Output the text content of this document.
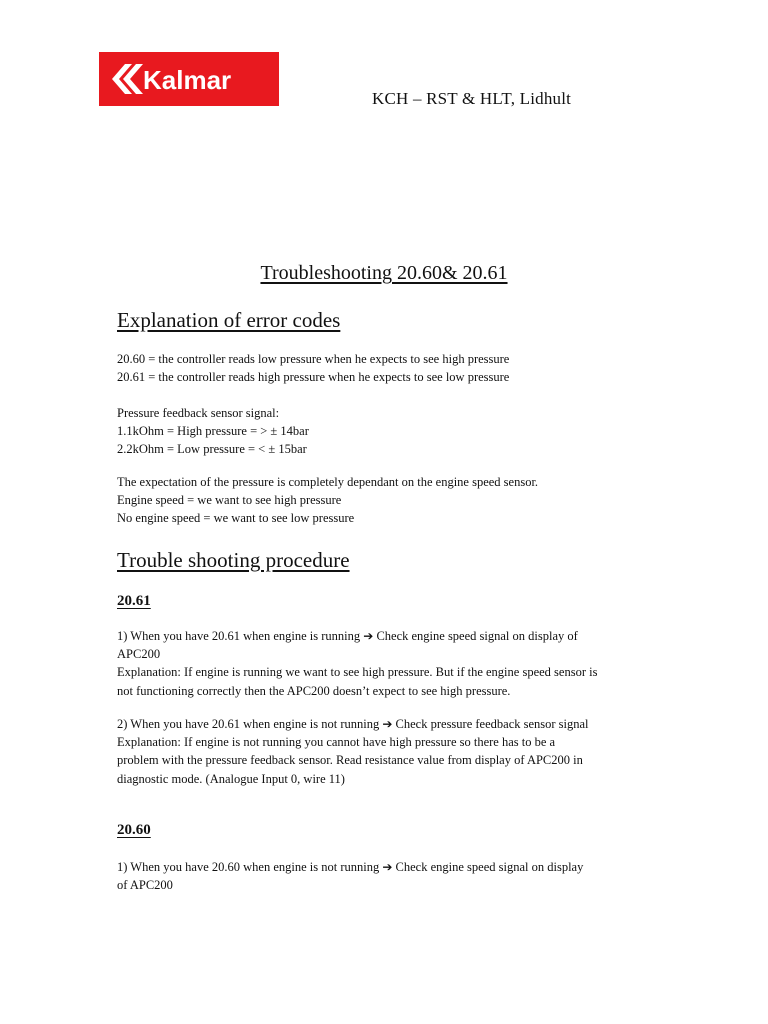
Kalmar
KCH – RST & HLT, Lidhult
Troubleshooting 20.60& 20.61
Explanation of error codes
20.60 = the controller reads low pressure when he expects to see high pressure
20.61 = the controller reads high pressure when he expects to see low pressure
Pressure feedback sensor signal:
1.1kOhm = High pressure = > ± 14bar
2.2kOhm = Low pressure = < ± 15bar
The expectation of the pressure is completely dependant on the engine speed sensor.
Engine speed = we want to see high pressure
No engine speed = we want to see low pressure
Trouble shooting procedure
20.61
1) When you have 20.61 when engine is running ➔ Check engine speed signal on display of
APC200
Explanation: If engine is running we want to see high pressure. But if the engine speed sensor is
not functioning correctly then the APC200 doesn’t expect to see high pressure.
2) When you have 20.61 when engine is not running ➔ Check pressure feedback sensor signal
Explanation: If engine is not running you cannot have high pressure so there has to be a
problem with the pressure feedback sensor. Read resistance value from display of APC200 in
diagnostic mode. (Analogue Input 0, wire 11)
20.60
1) When you have 20.60 when engine is not running ➔ Check engine speed signal on display
of APC200
